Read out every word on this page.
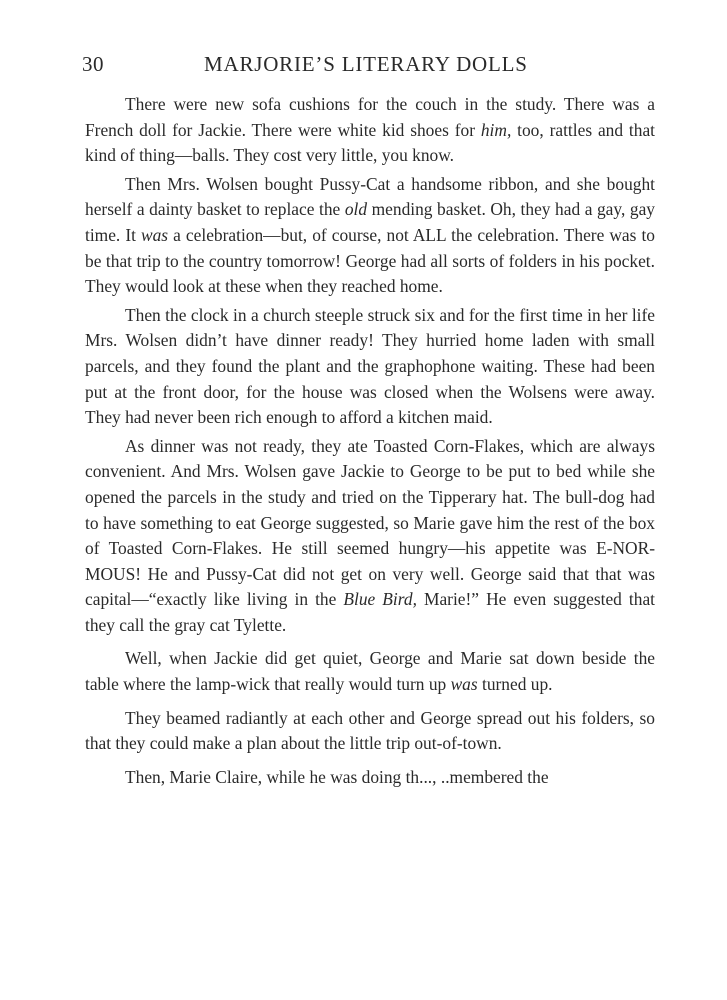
30	MARJORIE’S LITERARY DOLLS

There were new sofa cushions for the couch in the study. There was a French doll for Jackie. There were white kid shoes for him, too, rattles and that kind of thing—balls. They cost very little, you know.

Then Mrs. Wolsen bought Pussy-Cat a handsome ribbon, and she bought herself a dainty basket to replace the old mending basket. Oh, they had a gay, gay time. It was a celebration—but, of course, not ALL the celebration. There was to be that trip to the country tomorrow! George had all sorts of folders in his pocket. They would look at these when they reached home.

Then the clock in a church steeple struck six and for the first time in her life Mrs. Wolsen didn’t have dinner ready! They hurried home laden with small parcels, and they found the plant and the graphophone waiting. These had been put at the front door, for the house was closed when the Wolsens were away. They had never been rich enough to afford a kitchen maid.

As dinner was not ready, they ate Toasted Corn-Flakes, which are always convenient. And Mrs. Wolsen gave Jackie to George to be put to bed while she opened the parcels in the study and tried on the Tipperary hat. The bull-dog had to have something to eat George suggested, so Marie gave him the rest of the box of Toasted Corn-Flakes. He still seemed hungry—his appetite was E-NOR-MOUS! He and Pussy-Cat did not get on very well. George said that that was capital—“exactly like living in the Blue Bird, Marie!” He even suggested that they call the gray cat Tylette.

Well, when Jackie did get quiet, George and Marie sat down beside the table where the lamp-wick that really would turn up was turned up.

They beamed radiantly at each other and George spread out his folders, so that they could make a plan about the little trip out-of-town.

Then, Marie Claire, while he was doing th..., ..membered the
